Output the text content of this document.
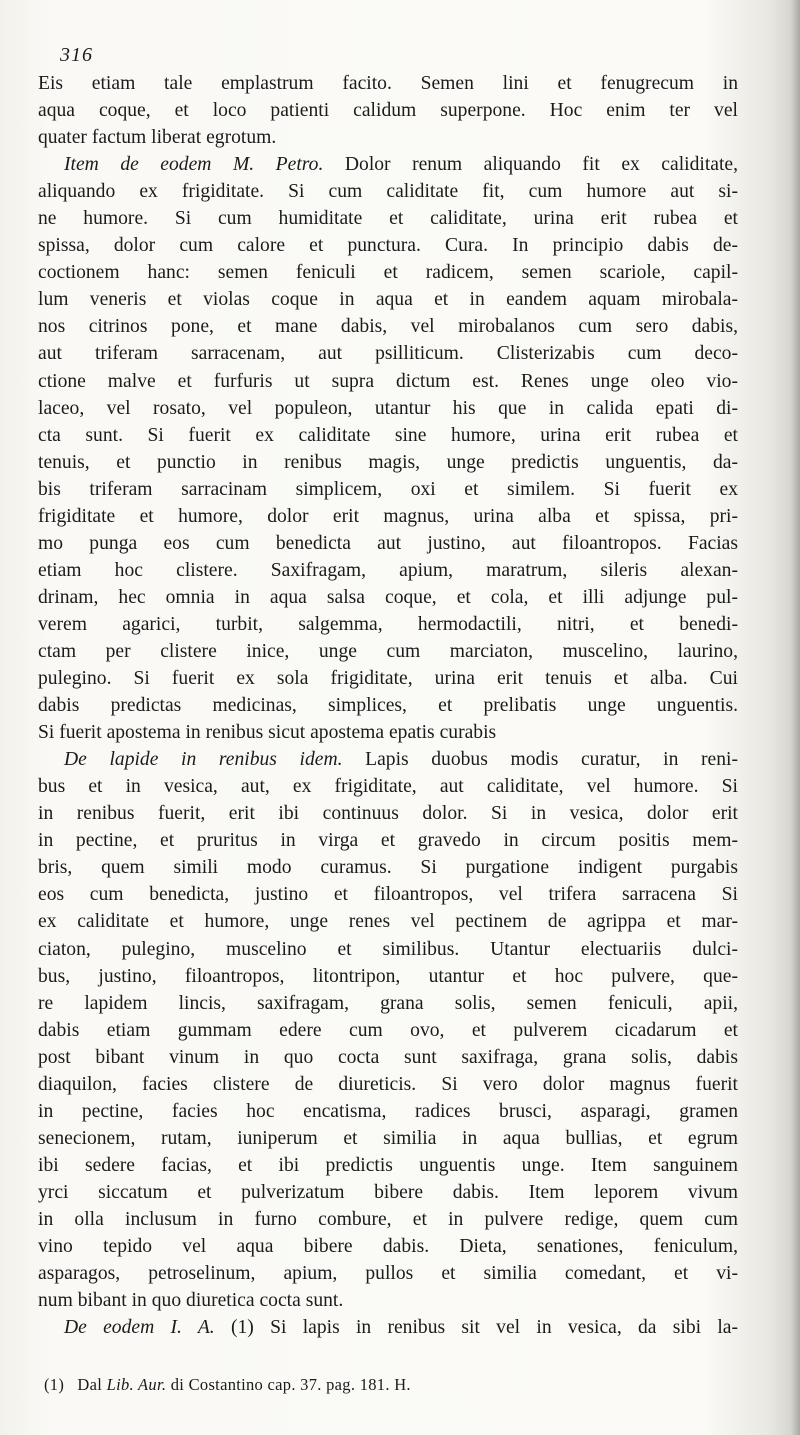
316
Eis etiam tale emplastrum facito. Semen lini et fenugrecum in
aqua coque, et loco patienti calidum superpone. Hoc enim ter vel
quater factum liberat egrotum.
Item de eodem M. Petro. Dolor renum aliquando fit ex caliditate,
aliquando ex frigiditate. Si cum caliditate fit, cum humore aut si-
ne humore. Si cum humiditate et caliditate, urina erit rubea et
spissa, dolor cum calore et punctura. Cura. In principio dabis de-
coctionem hanc: semen feniculi et radicem, semen scariole, capil-
lum veneris et violas coque in aqua et in eandem aquam mirobala-
nos citrinos pone, et mane dabis, vel mirobalanos cum sero dabis,
aut triferam sarracenam, aut psilliticum. Clisterizabis cum deco-
ctione malve et furfuris ut supra dictum est. Renes unge oleo vio-
laceo, vel rosato, vel populeon, utantur his que in calida epati di-
cta sunt. Si fuerit ex caliditate sine humore, urina erit rubea et
tenuis, et punctio in renibus magis, unge predictis unguentis, da-
bis triferam sarracinam simplicem, oxi et similem. Si fuerit ex
frigiditate et humore, dolor erit magnus, urina alba et spissa, pri-
mo punga eos cum benedicta aut justino, aut filoantropos. Facias
etiam hoc clistere. Saxifragam, apium, maratrum, sileris alexan-
drinam, hec omnia in aqua salsa coque, et cola, et illi adjunge pul-
verem agarici, turbit, salgemma, hermodactili, nitri, et benedi-
ctam per clistere inice, unge cum marciaton, muscelino, laurino,
pulegino. Si fuerit ex sola frigiditate, urina erit tenuis et alba. Cui
dabis predictas medicinas, simplices, et prelibatis unge unguentis.
Si fuerit apostema in renibus sicut apostema epatis curabis
De lapide in renibus idem. Lapis duobus modis curatur, in reni-
bus et in vesica, aut, ex frigiditate, aut caliditate, vel humore. Si
in renibus fuerit, erit ibi continuus dolor. Si in vesica, dolor erit
in pectine, et pruritus in virga et gravedo in circum positis mem-
bris, quem simili modo curamus. Si purgatione indigent purgabis
eos cum benedicta, justino et filoantropos, vel trifera sarracena Si
ex caliditate et humore, unge renes vel pectinem de agrippa et mar-
ciaton, pulegino, muscelino et similibus. Utantur electuariis dulci-
bus, justino, filoantropos, litontripon, utantur et hoc pulvere, que-
re lapidem lincis, saxifragam, grana solis, semen feniculi, apii,
dabis etiam gummam edere cum ovo, et pulverem cicadarum et
post bibant vinum in quo cocta sunt saxifraga, grana solis, dabis
diaquilon, facies clistere de diureticis. Si vero dolor magnus fuerit
in pectine, facies hoc encatisma, radices brusci, asparagi, gramen
senecionem, rutam, iuniperum et similia in aqua bullias, et egrum
ibi sedere facias, et ibi predictis unguentis unge. Item sanguinem
yrci siccatum et pulverizatum bibere dabis. Item leporem vivum
in olla inclusum in furno combure, et in pulvere redige, quem cum
vino tepido vel aqua bibere dabis. Dieta, senationes, feniculum,
asparagos, petroselinum, apium, pullos et similia comedant, et vi-
num bibant in quo diuretica cocta sunt.
De eodem I. A. (1) Si lapis in renibus sit vel in vesica, da sibi la-
(1) Dal Lib. Aur. di Costantino cap. 37. pag. 181. H.
